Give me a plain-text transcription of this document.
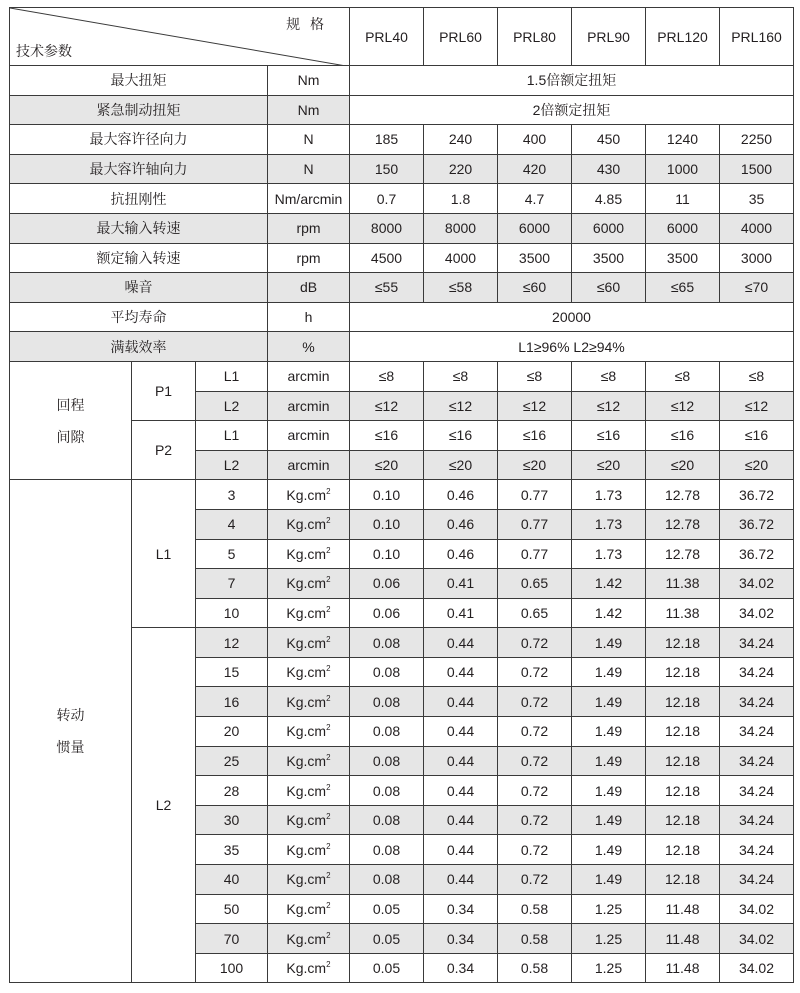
规 格
技术参数				PRL40	PRL60	PRL80	PRL90	PRL120	PRL160
最大扭矩			Nm	1.5倍额定扭矩					
紧急制动扭矩			Nm	2倍额定扭矩					
最大容许径向力			N	185	240	400	450	1240	2250
最大容许轴向力			N	150	220	420	430	1000	1500
抗扭刚性			Nm/arcmin	0.7	1.8	4.7	4.85	11	35
最大输入转速			rpm	8000	8000	6000	6000	6000	4000
额定输入转速			rpm	4500	4000	3500	3500	3500	3000
噪音			dB	≤55	≤58	≤60	≤60	≤65	≤70
平均寿命			h	20000					
满载效率			%	L1≥96% L2≥94%					

回程
间隙	P1	L1	arcmin	≤8	≤8	≤8	≤8	≤8	≤8
		L2	arcmin	≤12	≤12	≤12	≤12	≤12	≤12
	P2	L1	arcmin	≤16	≤16	≤16	≤16	≤16	≤16
		L2	arcmin	≤20	≤20	≤20	≤20	≤20	≤20

转动
惯量	L1	3	$Kg.cm^2$	0.10	0.46	0.77	1.73	12.78	36.72
		4	$Kg.cm^2$	0.10	0.46	0.77	1.73	12.78	36.72
		5	$Kg.cm^2$	0.10	0.46	0.77	1.73	12.78	36.72
		7	$Kg.cm^2$	0.06	0.41	0.65	1.42	11.38	34.02
		10	$Kg.cm^2$	0.06	0.41	0.65	1.42	11.38	34.02
	L2	12	$Kg.cm^2$	0.08	0.44	0.72	1.49	12.18	34.24
		15	$Kg.cm^2$	0.08	0.44	0.72	1.49	12.18	34.24
		16	$Kg.cm^2$	0.08	0.44	0.72	1.49	12.18	34.24
		20	$Kg.cm^2$	0.08	0.44	0.72	1.49	12.18	34.24
		25	$Kg.cm^2$	0.08	0.44	0.72	1.49	12.18	34.24
		28	$Kg.cm^2$	0.08	0.44	0.72	1.49	12.18	34.24
		30	$Kg.cm^2$	0.08	0.44	0.72	1.49	12.18	34.24
		35	$Kg.cm^2$	0.08	0.44	0.72	1.49	12.18	34.24
		40	$Kg.cm^2$	0.08	0.44	0.72	1.49	12.18	34.24
		50	$Kg.cm^2$	0.05	0.34	0.58	1.25	11.48	34.02
		70	$Kg.cm^2$	0.05	0.34	0.58	1.25	11.48	34.02
		100	$Kg.cm^2$	0.05	0.34	0.58	1.25	11.48	34.02
